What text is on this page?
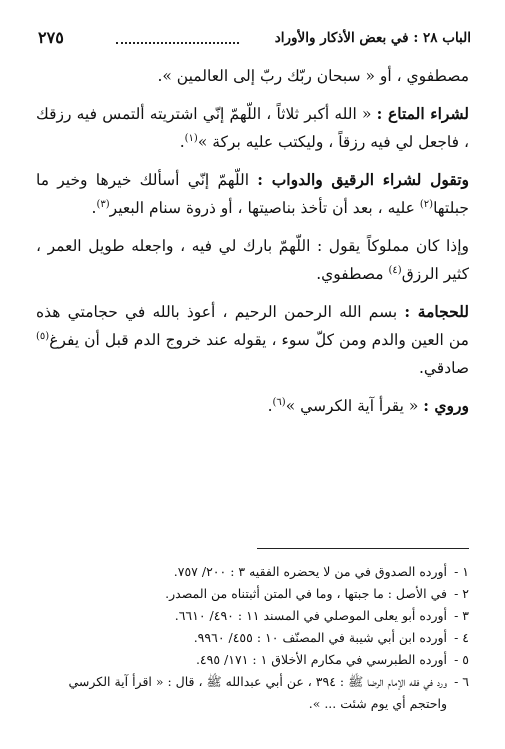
الباب ٢٨ : في بعض الأذكار والأوراد
٢٧٥

مصطفوي ، أو « سبحان ربّك ربّ إلى العالمين ».

لشراء المتاع : « الله أكبر ثلاثاً ، اللّهمّ إنّي اشتريته ألتمس فيه رزقك ، فاجعل لي فيه رزقاً ، وليكتب عليه بركة »$^{(١)}$.

وتقول لشراء الرقيق والدواب : اللّهمّ إنّي أسألك خيرها وخير ما جبلتها$^{(٢)}$ عليه ، بعد أن تأخذ بناصيتها ، أو ذروة سنام البعير$^{(٣)}$.

وإذا كان مملوكاً يقول : اللّهمّ بارك لي فيه ، واجعله طويل العمر ، كثير الرزق$^{(٤)}$ مصطفوي.

للحجامة : بسم الله الرحمن الرحيم ، أعوذ بالله في حجامتي هذه من العين والدم ومن كلّ سوء ، يقوله عند خروج الدم قبل أن يفرغ$^{(٥)}$ صادقي.

وروي : « يقرأ آية الكرسي »$^{(٦)}$.

١ -
أورده الصدوق في من لا يحضره الفقيه ٣ : ٢٠٠/ ٧٥٧.
٢ -
في الأصل : ما جبتها ، وما في المتن أثبتناه من المصدر.
٣ -
أورده أبو يعلى الموصلي في المسند ١١ : ٤٩٠/ ٦٦١٠.
٤ -
أورده ابن أبي شيبة في المصنّف ١٠ : ٤٥٥/ ٩٩٦٠.
٥ -
أورده الطبرسي في مكارم الأخلاق ١ : ١٧١/ ٤٩٥.
٦ -
ورد في فقه الإمام الرضا ﷺ : ٣٩٤ ، عن أبي عبدالله ﷺ ، قال : « اقرأ آية الكرسي واحتجم أي يوم شئت ... ».
